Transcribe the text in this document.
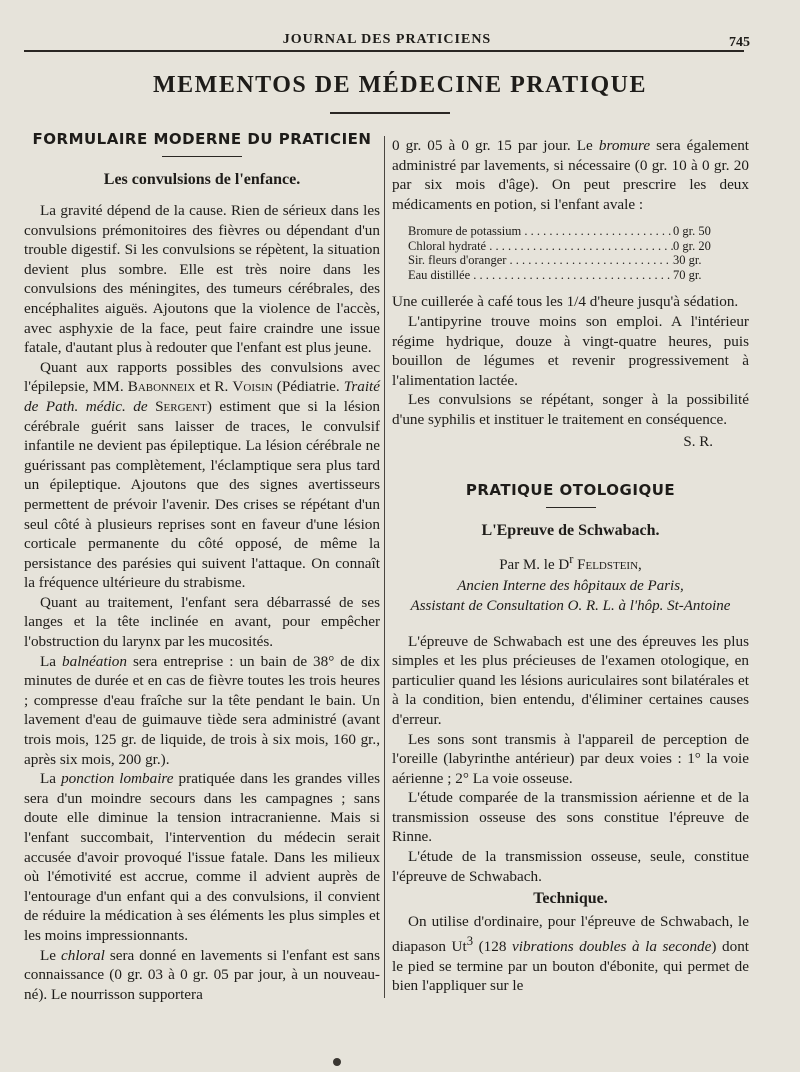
JOURNAL DES PRATICIENS	745
MEMENTOS DE MÉDECINE PRATIQUE
FORMULAIRE MODERNE DU PRATICIEN
Les convulsions de l'enfance.

La gravité dépend de la cause. Rien de sérieux dans les convulsions prémonitoires des fièvres ou dépendant d'un trouble digestif. Si les convulsions se répètent, la situation devient plus sombre. Elle est très noire dans les convulsions des méningites, des tumeurs cérébrales, des encéphalites aiguës. Ajoutons que la violence de l'accès, avec asphyxie de la face, peut faire craindre une issue fatale, d'autant plus à redouter que l'enfant est plus jeune.

Quant aux rapports possibles des convulsions avec l'épilepsie, MM. Babonneix et R. Voisin (Pédiatrie. Traité de Path. médic. de Sergent) estiment que si la lésion cérébrale guérit sans laisser de traces, le convulsif infantile ne devient pas épileptique. La lésion cérébrale ne guérissant pas complètement, l'éclamptique sera plus tard un épileptique. Ajoutons que des signes avertisseurs permettent de prévoir l'avenir. Des crises se répétant d'un seul côté à plusieurs reprises sont en faveur d'une lésion corticale permanente du côté opposé, de même la persistance des parésies qui suivent l'attaque. On connaît la fréquence ultérieure du strabisme.

Quant au traitement, l'enfant sera débarrassé de ses langes et la tête inclinée en avant, pour empêcher l'obstruction du larynx par les mucosités.

La balnéation sera entreprise : un bain de 38° de dix minutes de durée et en cas de fièvre toutes les trois heures ; compresse d'eau fraîche sur la tête pendant le bain. Un lavement d'eau de guimauve tiède sera administré (avant trois mois, 125 gr. de liquide, de trois à six mois, 160 gr., après six mois, 200 gr.).

La ponction lombaire pratiquée dans les grandes villes sera d'un moindre secours dans les campagnes ; sans doute elle diminue la tension intracranienne. Mais si l'enfant succombait, l'intervention du médecin serait accusée d'avoir provoqué l'issue fatale. Dans les milieux où l'émotivité est accrue, comme il advient auprès de l'entourage d'un enfant qui a des convulsions, il convient de réduire la médication à ses éléments les plus simples et les moins impressionnants.

Le chloral sera donné en lavements si l'enfant est sans connaissance (0 gr. 03 à 0 gr. 05 par jour, à un nouveau-né). Le nourrisson supportera

0 gr. 05 à 0 gr. 15 par jour. Le bromure sera également administré par lavements, si nécessaire (0 gr. 10 à 0 gr. 20 par six mois d'âge). On peut prescrire les deux médicaments en potion, si l'enfant avale :

Bromure de potassium . . .	0 gr. 50
Chloral hydraté . . .	0 gr. 20
Sir. fleurs d'oranger . . .	30 gr.
Eau distillée . . .	70 gr.

Une cuillerée à café tous les 1/4 d'heure jusqu'à sédation.

L'antipyrine trouve moins son emploi. A l'intérieur régime hydrique, douze à vingt-quatre heures, puis bouillon de légumes et revenir progressivement à l'alimentation lactée.

Les convulsions se répétant, songer à la possibilité d'une syphilis et instituer le traitement en conséquence.

S. R.
PRATIQUE OTOLOGIQUE
L'Epreuve de Schwabach.

Par M. le $D^r$ Feldstein,

Ancien Interne des hôpitaux de Paris,

Assistant de Consultation O. R. L. à l'hôp. St-Antoine

L'épreuve de Schwabach est une des épreuves les plus simples et les plus précieuses de l'examen otologique, en particulier quand les lésions auriculaires sont bilatérales et à la condition, bien entendu, d'éliminer certaines causes d'erreur.

Les sons sont transmis à l'appareil de perception de l'oreille (labyrinthe antérieur) par deux voies : 1° la voie aérienne ; 2° La voie osseuse.

L'étude comparée de la transmission aérienne et de la transmission osseuse des sons constitue l'épreuve de Rinne.

L'étude de la transmission osseuse, seule, constitue l'épreuve de Schwabach.

Technique.

On utilise d'ordinaire, pour l'épreuve de Schwabach, le diapason Ut$^3$ (128 vibrations doubles à la seconde) dont le pied se termine par un bouton d'ébonite, qui permet de bien l'appliquer sur le
